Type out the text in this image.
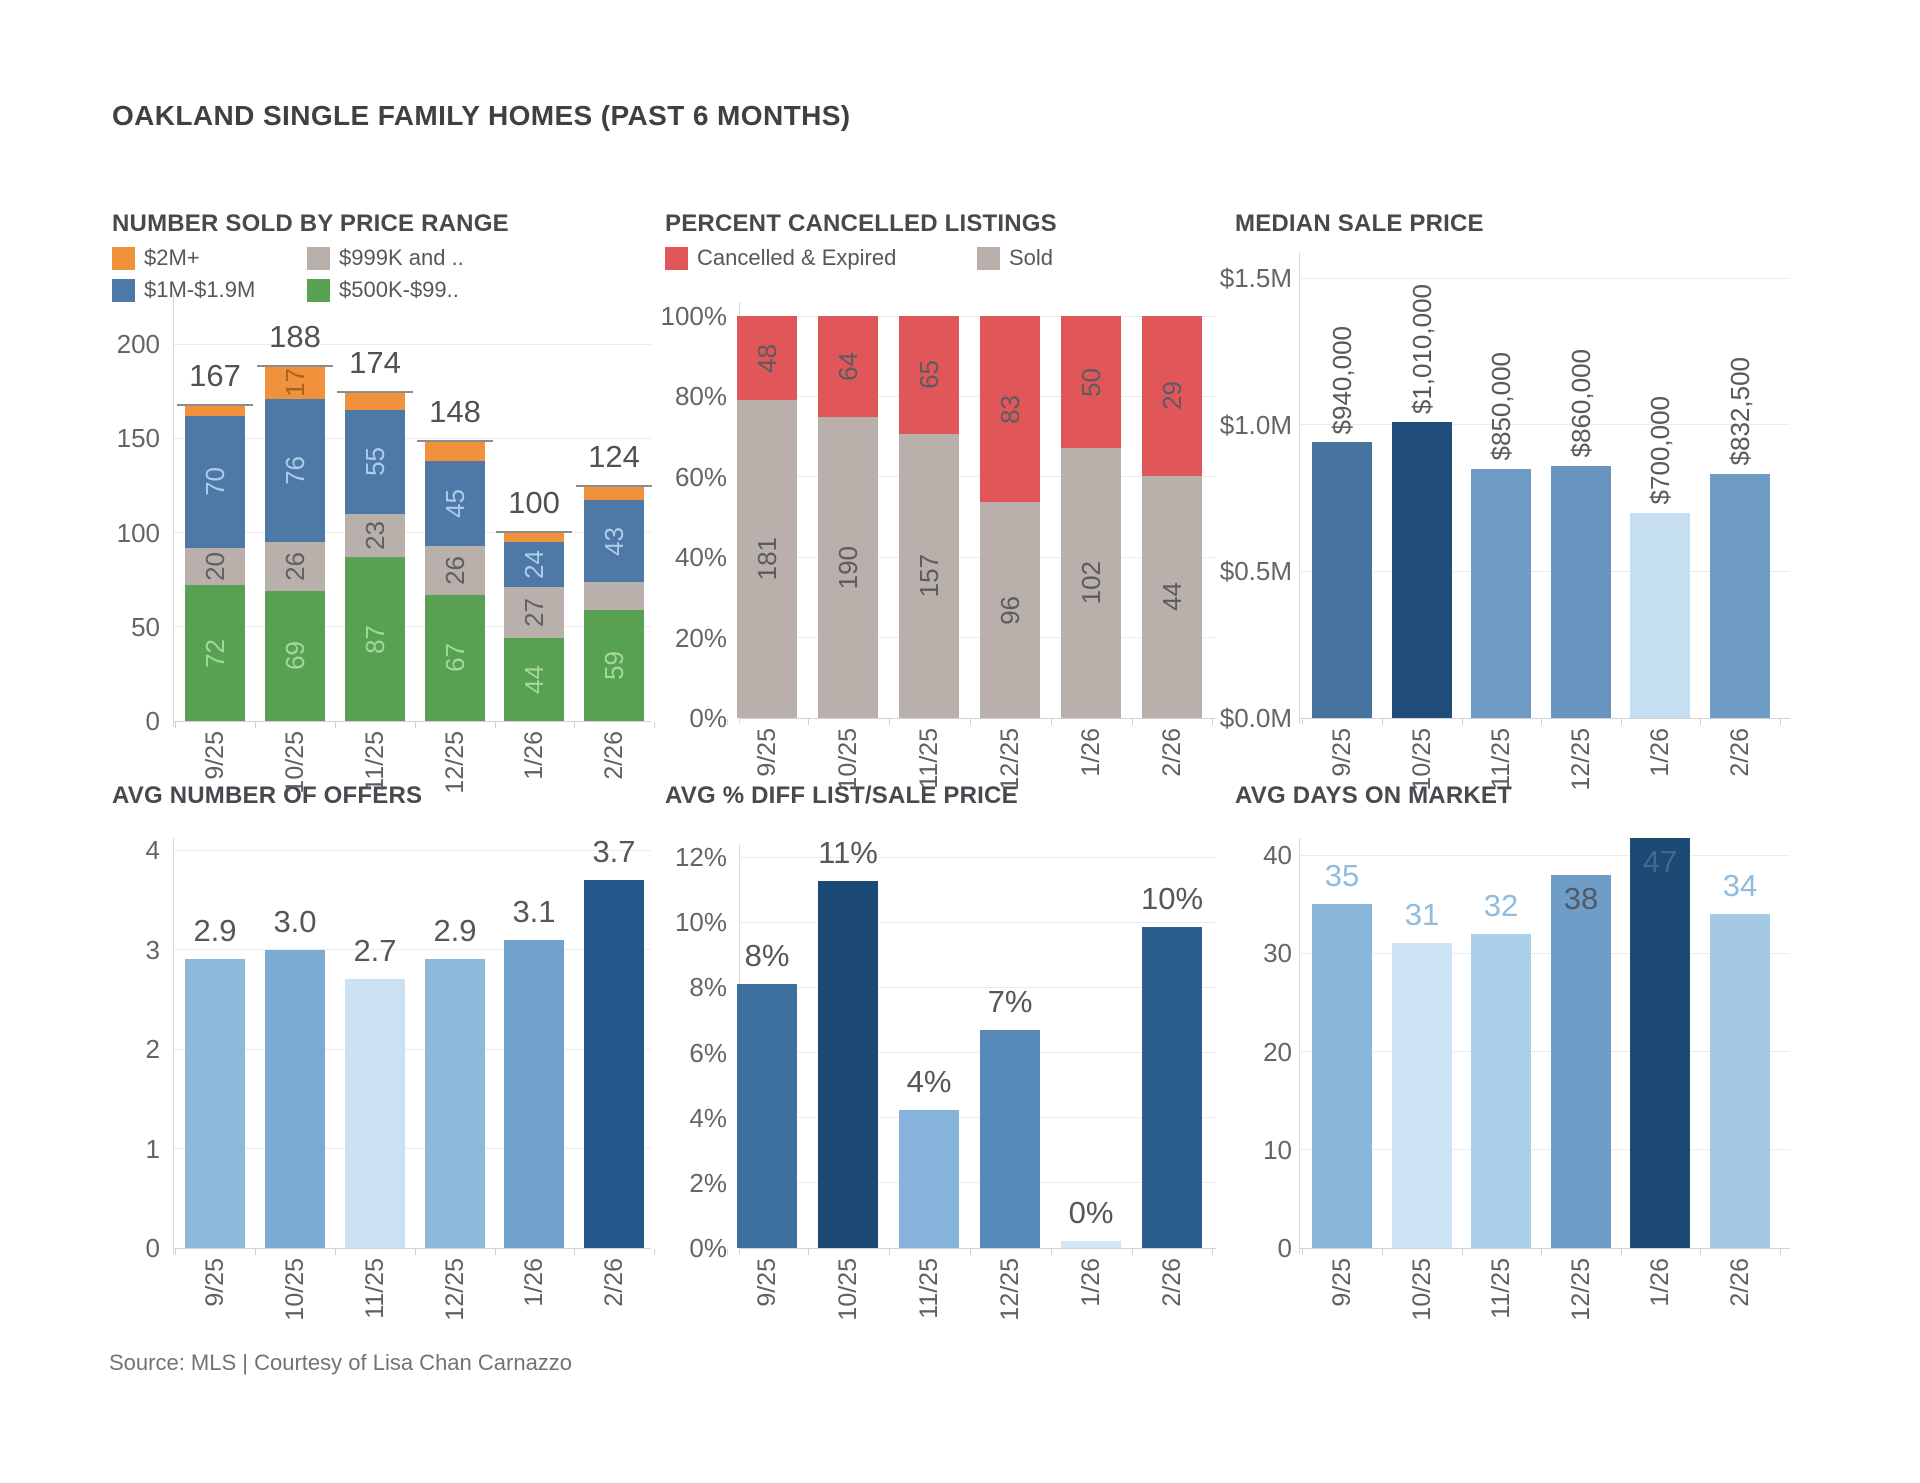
OAKLAND SINGLE FAMILY HOMES (PAST 6 MONTHS)
NUMBER SOLD BY PRICE RANGE	PERCENT CANCELLED LISTINGS	MEDIAN SALE PRICE
AVG NUMBER OF OFFERS	AVG % DIFF LIST/SALE PRICE	AVG DAYS ON MARKET
0
50
100
150
200
9/25 10/25 11/25 12/25 1/26 2/26
$2M+	$999K and ..
$1M-$1.9M	$500K-$99..
72
20
70
167
69
26
76
17
188
87
23
55
174
67
26
45
148
44
27
24
100
59
43
124
0%
20%
40%
60%
80%
100%
9/25 10/25 11/25 12/25 1/26 2/26
Cancelled & Expired	Sold
181
48
190
64
157
65
96
83
102
50
44
29
$0.0M
$0.5M
$1.0M
$1.5M
9/25 10/25 11/25 12/25 1/26 2/26
$940,000 $1,010,000 $850,000 $860,000 $700,000 $832,500
0
1
2
3
4
9/25 10/25 11/25 12/25 1/26 2/26
2.9	3.0
2.7
2.9
3.1
3.7
0%
2%
4%
6%
8%
10%
12%
9/25 10/25 11/25 12/25 1/26 2/26
8%
11%
4%
7%
0%
10%
0
10
20
30
40
9/25 10/25 11/25 12/25 1/26 2/26
35
31	32	38
47
34
Source: MLS | Courtesy of Lisa Chan Carnazzo
